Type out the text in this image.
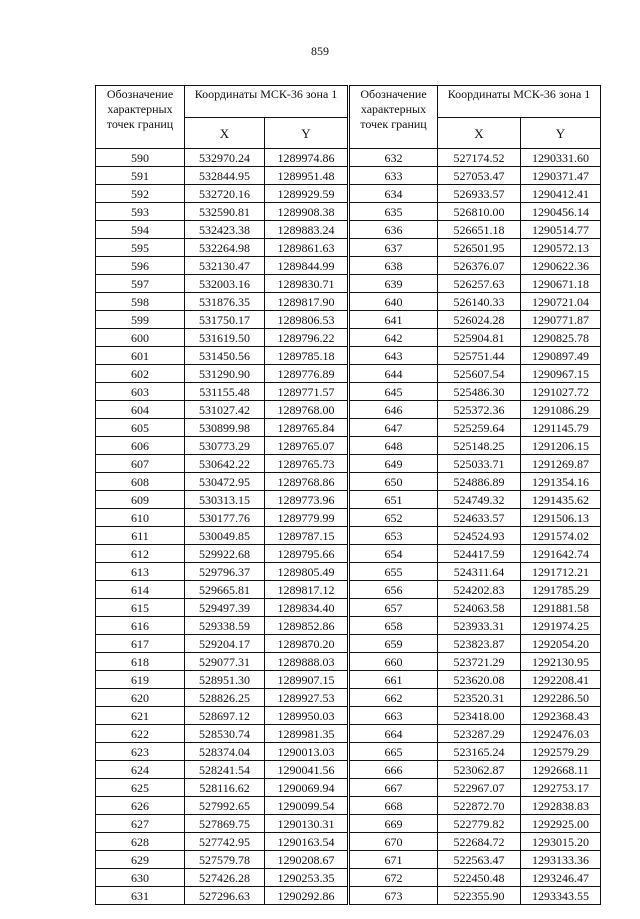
859
Обозначение характерных точек границ	Координаты МСК-36 зона 1	
	X	Y
590	532970.24	1289974.86
591	532844.95	1289951.48
592	532720.16	1289929.59
593	532590.81	1289908.38
594	532423.38	1289883.24
595	532264.98	1289861.63
596	532130.47	1289844.99
597	532003.16	1289830.71
598	531876.35	1289817.90
599	531750.17	1289806.53
600	531619.50	1289796.22
601	531450.56	1289785.18
602	531290.90	1289776.89
603	531155.48	1289771.57
604	531027.42	1289768.00
605	530899.98	1289765.84
606	530773.29	1289765.07
607	530642.22	1289765.73
608	530472.95	1289768.86
609	530313.15	1289773.96
610	530177.76	1289779.99
611	530049.85	1289787.15
612	529922.68	1289795.66
613	529796.37	1289805.49
614	529665.81	1289817.12
615	529497.39	1289834.40
616	529338.59	1289852.86
617	529204.17	1289870.20
618	529077.31	1289888.03
619	528951.30	1289907.15
620	528826.25	1289927.53
621	528697.12	1289950.03
622	528530.74	1289981.35
623	528374.04	1290013.03
624	528241.54	1290041.56
625	528116.62	1290069.94
626	527992.65	1290099.54
627	527869.75	1290130.31
628	527742.95	1290163.54
629	527579.78	1290208.67
630	527426.28	1290253.35
631	527296.63	1290292.86
Обозначение характерных точек границ	Координаты МСК-36 зона 1	
	X	Y
632	527174.52	1290331.60
633	527053.47	1290371.47
634	526933.57	1290412.41
635	526810.00	1290456.14
636	526651.18	1290514.77
637	526501.95	1290572.13
638	526376.07	1290622.36
639	526257.63	1290671.18
640	526140.33	1290721.04
641	526024.28	1290771.87
642	525904.81	1290825.78
643	525751.44	1290897.49
644	525607.54	1290967.15
645	525486.30	1291027.72
646	525372.36	1291086.29
647	525259.64	1291145.79
648	525148.25	1291206.15
649	525033.71	1291269.87
650	524886.89	1291354.16
651	524749.32	1291435.62
652	524633.57	1291506.13
653	524524.93	1291574.02
654	524417.59	1291642.74
655	524311.64	1291712.21
656	524202.83	1291785.29
657	524063.58	1291881.58
658	523933.31	1291974.25
659	523823.87	1292054.20
660	523721.29	1292130.95
661	523620.08	1292208.41
662	523520.31	1292286.50
663	523418.00	1292368.43
664	523287.29	1292476.03
665	523165.24	1292579.29
666	523062.87	1292668.11
667	522967.07	1292753.17
668	522872.70	1292838.83
669	522779.82	1292925.00
670	522684.72	1293015.20
671	522563.47	1293133.36
672	522450.48	1293246.47
673	522355.90	1293343.55
